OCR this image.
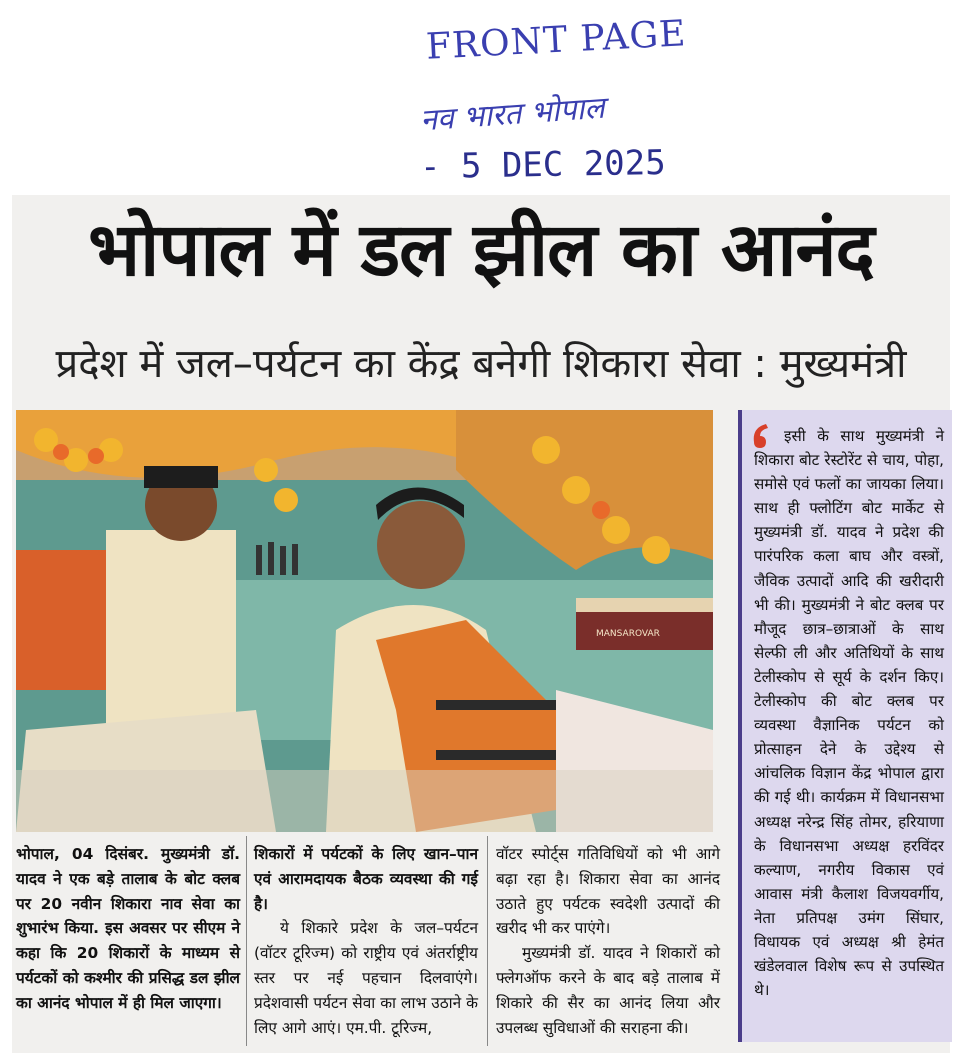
FRONT PAGE
नव भारत भोपाल
- 5 DEC 2025
भोपाल में डल झील का आनंद
प्रदेश में जल–पर्यटन का केंद्र बनेगी शिकारा सेवा : मुख्यमंत्री
MANSAROVAR
इसी के साथ मुख्यमंत्री ने शिकारा बोट रेस्टोरेंट से चाय, पोहा, समोसे एवं फलों का जायका लिया। साथ ही फ्लोटिंग बोट मार्केट से मुख्यमंत्री डॉ. यादव ने प्रदेश की पारंपरिक कला बाघ और वस्त्रों, जैविक उत्पादों आदि की खरीदारी भी की। मुख्यमंत्री ने बोट क्लब पर मौजूद छात्र–छात्राओं के साथ सेल्फी ली और अतिथियों के साथ टेलीस्कोप से सूर्य के दर्शन किए। टेलीस्कोप की बोट क्लब पर व्यवस्था वैज्ञानिक पर्यटन को प्रोत्साहन देने के उद्देश्य से आंचलिक विज्ञान केंद्र भोपाल द्वारा की गई थी। कार्यक्रम में विधानसभा अध्यक्ष नरेन्द्र सिंह तोमर, हरियाणा के विधानसभा अध्यक्ष हरविंदर कल्याण, नगरीय विकास एवं आवास मंत्री कैलाश विजयवर्गीय, नेता प्रतिपक्ष उमंग सिंघार, विधायक एवं अध्यक्ष श्री हेमंत खंडेलवाल विशेष रूप से उपस्थित थे।
भोपाल, 04 दिसंबर. मुख्यमंत्री डॉ. यादव ने एक बड़े तालाब के बोट क्लब पर 20 नवीन शिकारा नाव सेवा का शुभारंभ किया. इस अवसर पर सीएम ने कहा कि 20 शिकारों के माध्यम से पर्यटकों को कश्मीर की प्रसिद्ध डल झील का आनंद भोपाल में ही मिल जाएगा।
शिकारों में पर्यटकों के लिए खान–पान एवं आरामदायक बैठक व्यवस्था की गई है।
ये शिकारे प्रदेश के जल–पर्यटन (वॉटर टूरिज्म) को राष्ट्रीय एवं अंतर्राष्ट्रीय स्तर पर नई पहचान दिलवाएंगे। प्रदेशवासी पर्यटन सेवा का लाभ उठाने के लिए आगे आएं। एम.पी. टूरिज्म,
वॉटर स्पोर्ट्स गतिविधियों को भी आगे बढ़ा रहा है। शिकारा सेवा का आनंद उठाते हुए पर्यटक स्वदेशी उत्पादों की खरीद भी कर पाएंगे।
मुख्यमंत्री डॉ. यादव ने शिकारों को फ्लेगऑफ करने के बाद बड़े तालाब में शिकारे की सैर का आनंद लिया और उपलब्ध सुविधाओं की सराहना की।
